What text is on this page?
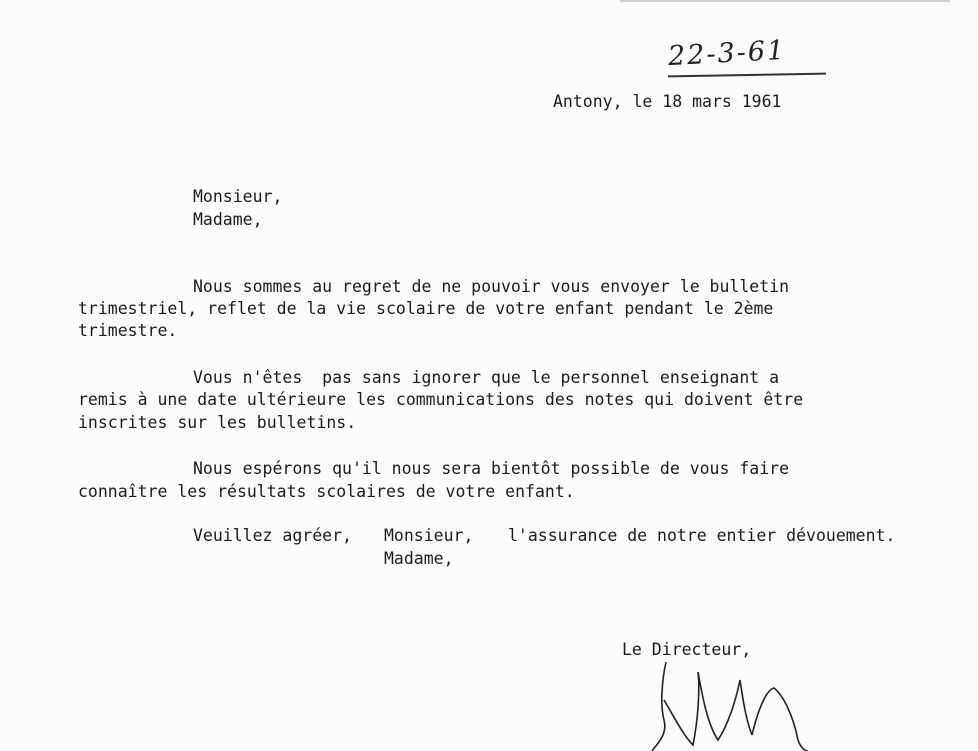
22-3-61
Antony, le 18 mars 1961
Monsieur,
Madame,
Nous sommes au regret de ne pouvoir vous envoyer le bulletin
trimestriel, reflet de la vie scolaire de votre enfant pendant le 2ème
trimestre.
Vous n'êtes  pas sans ignorer que le personnel enseignant a
remis à une date ultérieure les communications des notes qui doivent être
inscrites sur les bulletins.
Nous espérons qu'il nous sera bientôt possible de vous faire
connaître les résultats scolaires de votre enfant.
Veuillez agréer, Monsieur, l'assurance de notre entier dévouement.
Madame,
Le Directeur,
